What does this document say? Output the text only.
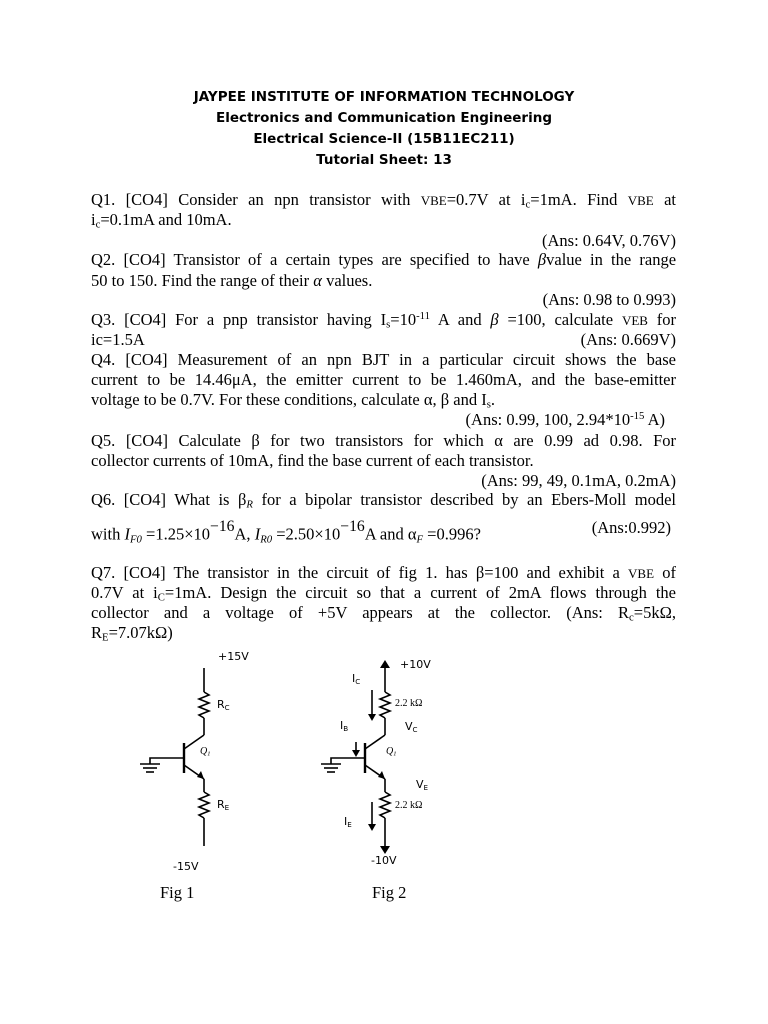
JAYPEE INSTITUTE OF INFORMATION TECHNOLOGY
Electronics and Communication Engineering
Electrical Science-II (15B11EC211)
Tutorial Sheet: 13
Q1. [CO4] Consider an npn transistor with VBE=0.7V at $i_c=1mA$. Find VBE at
$i_c=0.1mA$ and 10mA.
(Ans: 0.64V, 0.76V)
Q2. [CO4] Transistor of a certain types are specified to have βvalue in the range
50 to 150. Find the range of their α values.
(Ans: 0.98 to 0.993)
Q3. [CO4] For a pnp transistor having $I_s=10^{-11}$ A and β =100, calculate VEB for
ic=1.5A	(Ans: 0.669V)
Q4. [CO4] Measurement of an npn BJT in a particular circuit shows the base
current to be 14.46μA, the emitter current to be 1.460mA, and the base-emitter
voltage to be 0.7V. For these conditions, calculate α, β and $I_s$.
(Ans: 0.99, 100, $2.94*10^{-15}$ A)
Q5. [CO4] Calculate β for two transistors for which α are 0.99 ad 0.98. For
collector currents of 10mA, find the base current of each transistor.
(Ans: 99, 49, 0.1mA, 0.2mA)
Q6. [CO4] What is $\beta_R$ for a bipolar transistor described by an Ebers-Moll model
with $I_{F0} =1.25\times 10^{-16}A$, $I_{R0} =2.50\times 10^{-16}A$ and $\alpha_F =0.996$?	(Ans:0.992)
Q7. [CO4] The transistor in the circuit of fig 1. has β=100 and exhibit a VBE of
0.7V at $i_C=1mA$. Design the circuit so that a current of 2mA flows through the
collector and a voltage of +5V appears at the collector. (Ans: $R_c=5k\Omega$,
$R_E=7.07k\Omega$)
+15V
$R_C$
$Q_1$
$R_E$
-15V
Fig 1
+10V
$I_C$
2.2 kΩ
$V_C$
$I_B$
$Q_1$
$V_E$
2.2 kΩ
$I_E$
-10V
Fig 2
